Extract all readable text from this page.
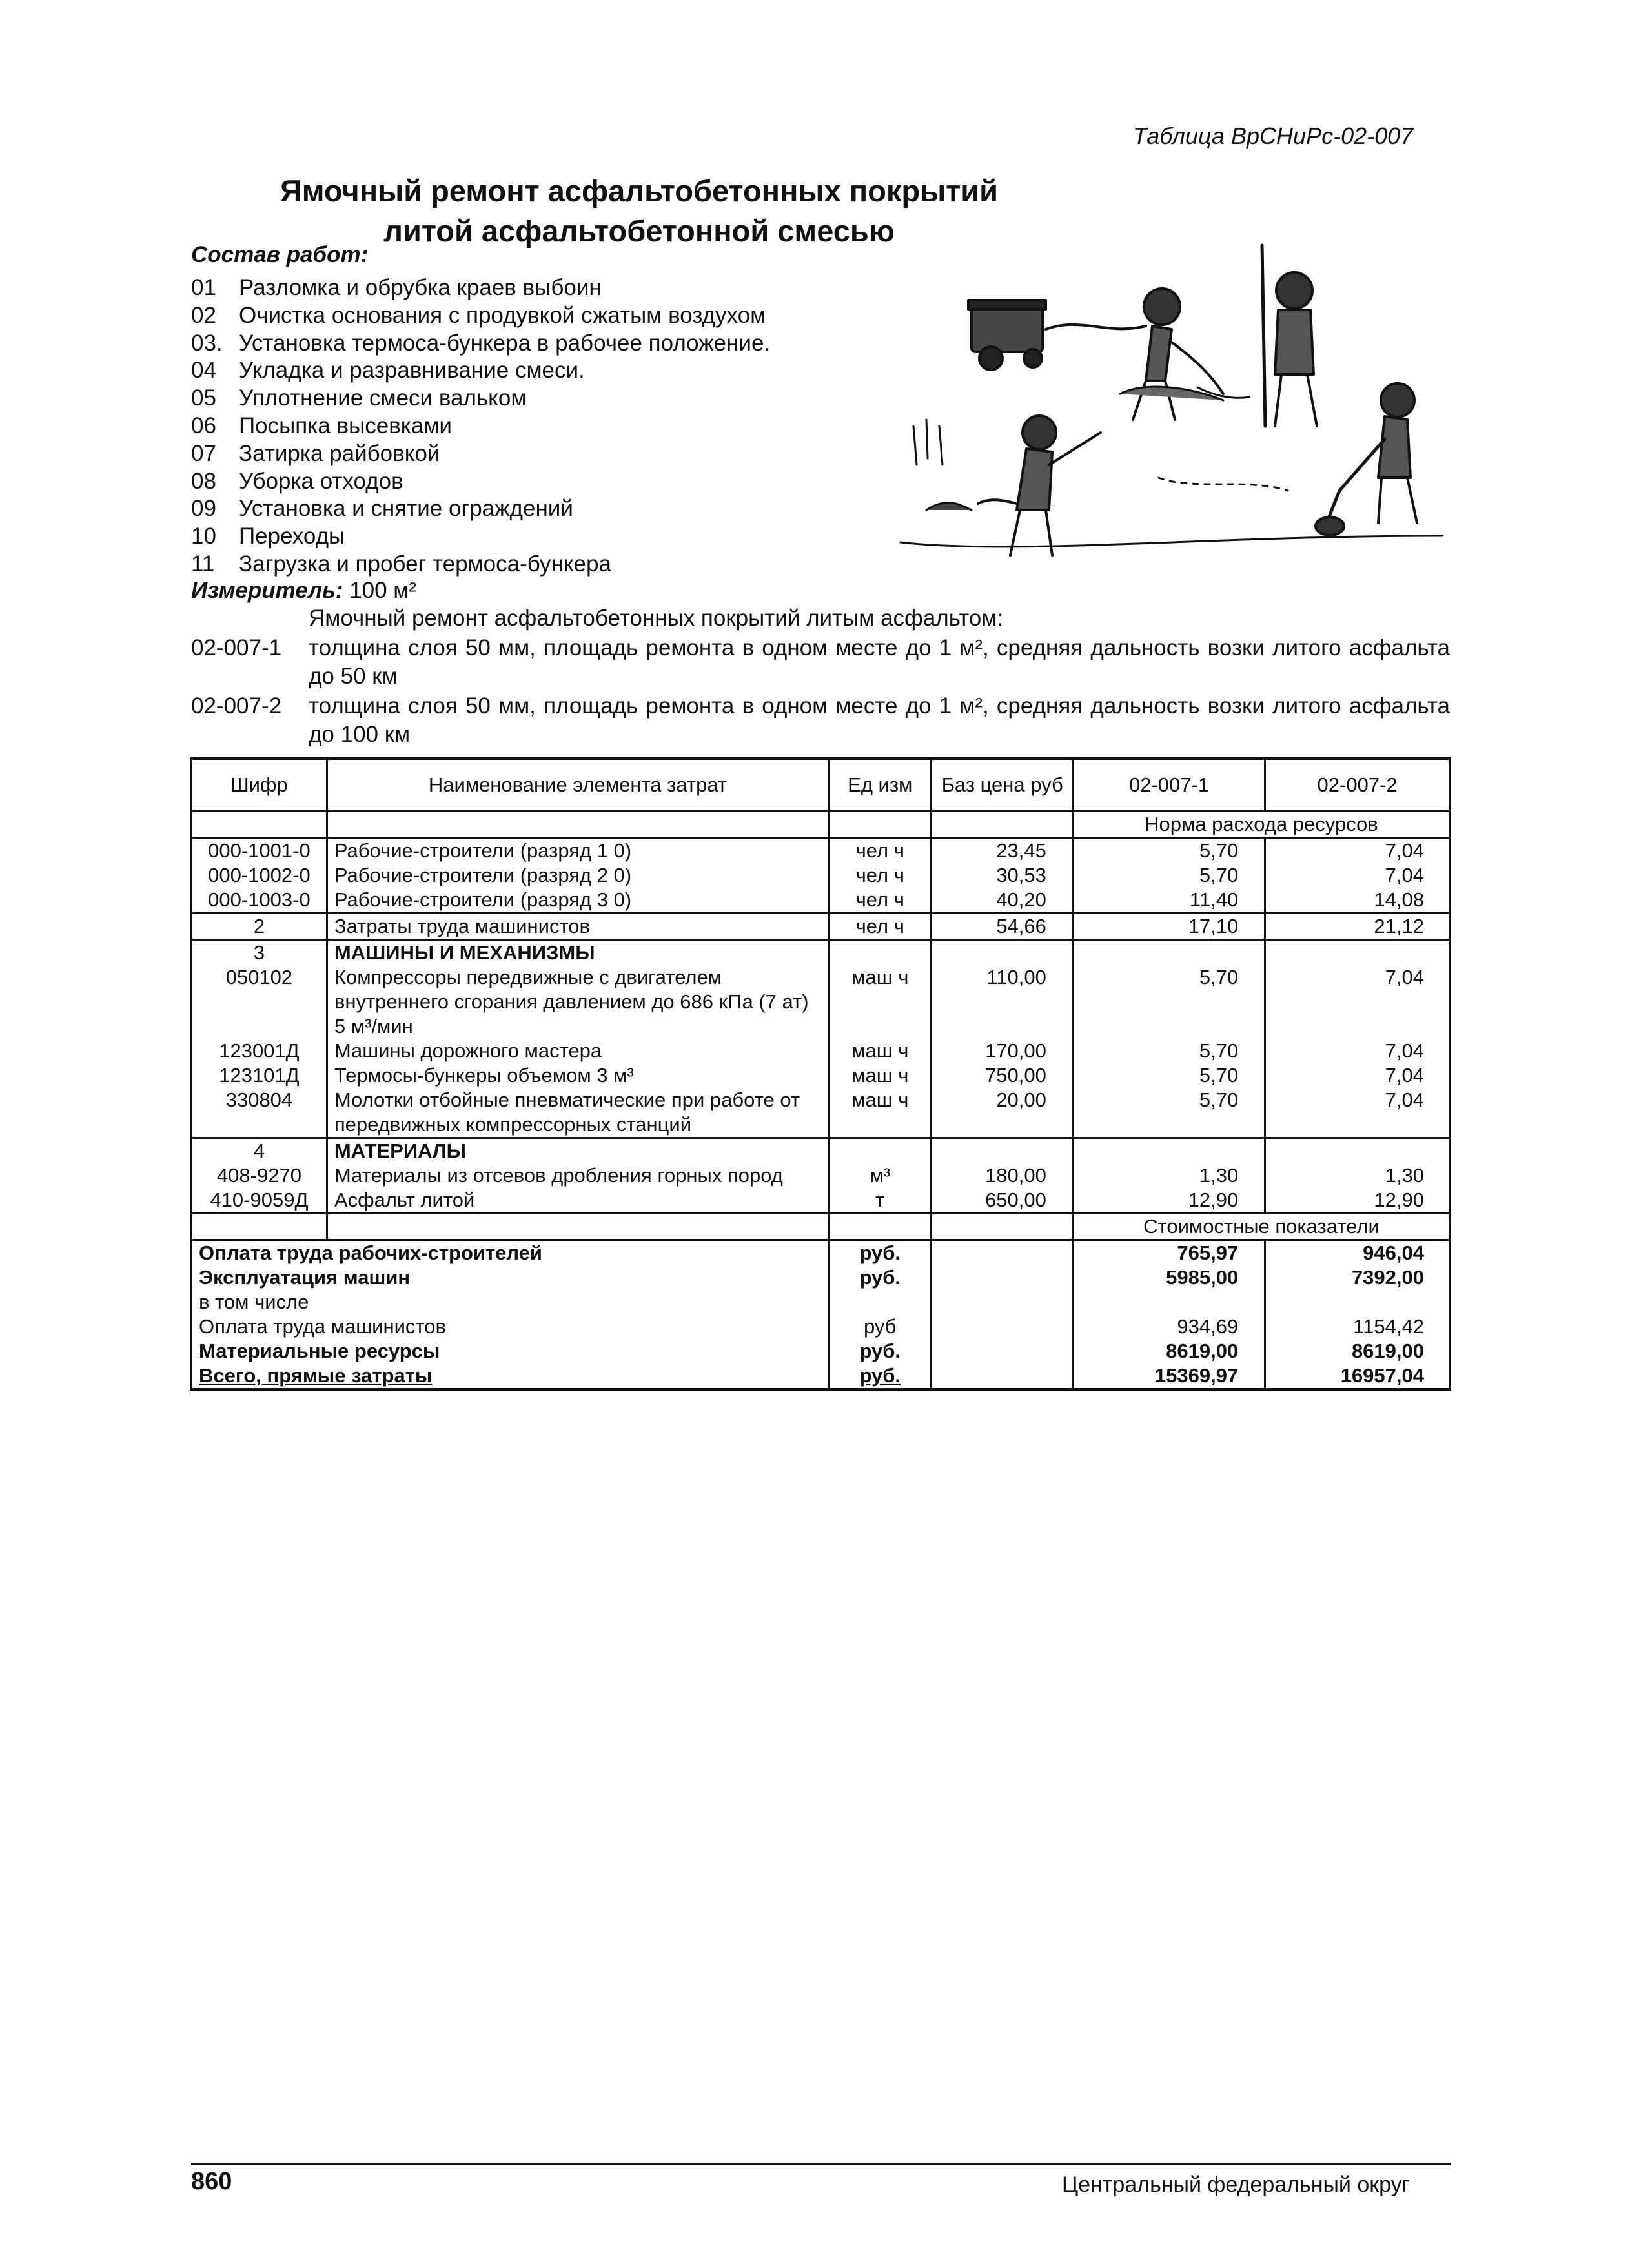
Таблица ВрСНиРс-02-007
Ямочный ремонт асфальтобетонных покрытий
литой асфальтобетонной смесью
Состав работ:
01 Разломка и обрубка краев выбоин
02 Очистка основания с продувкой сжатым воздухом
03. Установка термоса-бункера в рабочее положение.
04 Укладка и разравнивание смеси.
05 Уплотнение смеси вальком
06 Посыпка высевками
07 Затирка райбовкой
08 Уборка отходов
09 Установка и снятие ограждений
10 Переходы
11 Загрузка и пробег термоса-бункера
Измеритель: 100 м²
Ямочный ремонт асфальтобетонных покрытий литым асфальтом:
02-007-1 толщина слоя 50 мм, площадь ремонта в одном месте до 1 м², средняя дальность возки литого асфальта до 50 км
02-007-2 толщина слоя 50 мм, площадь ремонта в одном месте до 1 м², средняя дальность возки литого асфальта до 100 км
Шифр	Наименование элемента затрат	Ед изм	Баз цена руб	02-007-1	02-007-2
				Норма расхода ресурсов	
000-1001-0	Рабочие-строители (разряд 1 0)	чел ч	23,45	5,70	7,04
000-1002-0	Рабочие-строители (разряд 2 0)	чел ч	30,53	5,70	7,04
000-1003-0	Рабочие-строители (разряд 3 0)	чел ч	40,20	11,40	14,08
2	Затраты труда машинистов	чел ч	54,66	17,10	21,12
3	МАШИНЫ И МЕХАНИЗМЫ				
050102	Компрессоры передвижные с двигателем внутреннего сгорания давлением до 686 кПа (7 ат) 5 м³/мин	маш ч	110,00	5,70	7,04
123001Д	Машины дорожного мастера	маш ч	170,00	5,70	7,04
123101Д	Термосы-бункеры объемом 3 м³	маш ч	750,00	5,70	7,04
330804	Молотки отбойные пневматические при работе от передвижных компрессорных станций	маш ч	20,00	5,70	7,04
4	МАТЕРИАЛЫ				
408-9270	Материалы из отсевов дробления горных пород	м³	180,00	1,30	1,30
410-9059Д	Асфальт литой	т	650,00	12,90	12,90
				Стоимостные показатели	
Оплата труда рабочих-строителей		руб.		765,97	946,04
Эксплуатация машин		руб.		5985,00	7392,00
в том числе					
Оплата труда машинистов		руб		934,69	1154,42
Материальные ресурсы		руб.		8619,00	8619,00
Всего, прямые затраты		руб.		15369,97	16957,04
860	Центральный федеральный округ
